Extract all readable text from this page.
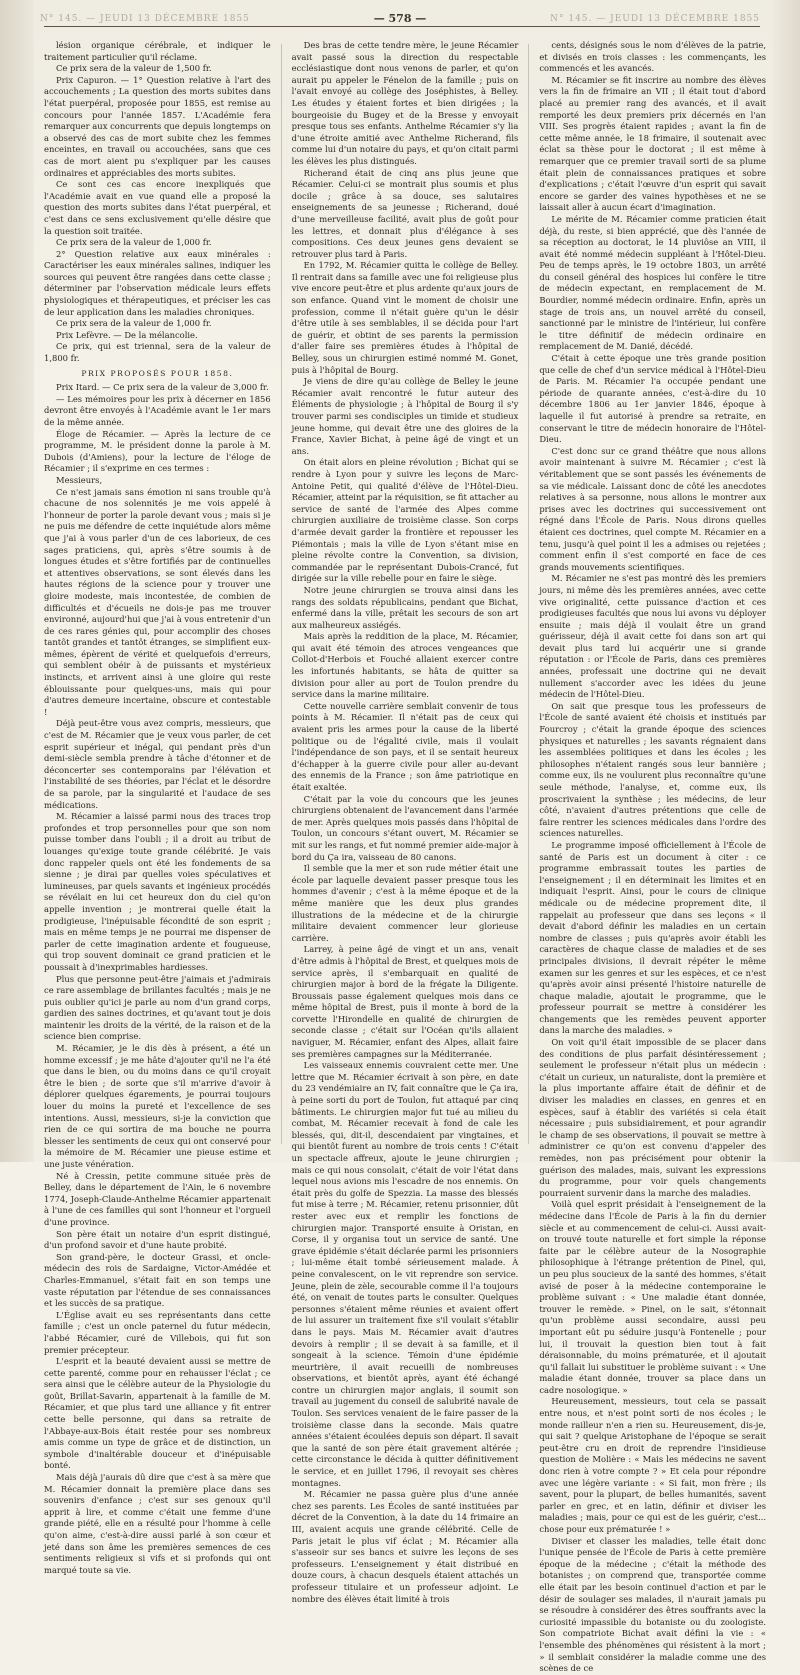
N° 145. — JEUDI 13 DÉCEMBRE 1855	— 578 —	N° 145. — JEUDI 13 DÉCEMBRE 1855

lésion organique cérébrale, et indiquer le traitement particulier qu'il réclame.

Ce prix sera de la valeur de 1,500 fr.

Prix Capuron. — 1° Question relative à l'art des accouchements ; La question des morts subites dans l'état puerpéral, proposée pour 1855, est remise au concours pour l'année 1857. L'Académie fera remarquer aux concurrents que depuis longtemps on a observé des cas de mort subite chez les femmes enceintes, en travail ou accouchées, sans que ces cas de mort aient pu s'expliquer par les causes ordinaires et appréciables des morts subites.

Ce sont ces cas encore inexpliqués que l'Académie avait en vue quand elle a proposé la question des morts subites dans l'état puerpéral, et c'est dans ce sens exclusivement qu'elle désire que la question soit traitée.

Ce prix sera de la valeur de 1,000 fr.

2° Question relative aux eaux minérales : Caractériser les eaux minérales salines, indiquer les sources qui peuvent être rangées dans cette classe ; déterminer par l'observation médicale leurs effets physiologiques et thérapeutiques, et préciser les cas de leur application dans les maladies chroniques.

Ce prix sera de la valeur de 1,000 fr.

Prix Lefèvre. — De la mélancolie.

Ce prix, qui est triennal, sera de la valeur de 1,800 fr.

PRIX PROPOSÉS POUR 1858.

Prix Itard. — Ce prix sera de la valeur de 3,000 fr.

— Les mémoires pour les prix à décerner en 1856 devront être envoyés à l'Académie avant le 1er mars de la même année.

Éloge de Récamier. — Après la lecture de ce programme, M. le président donne la parole à M. Dubois (d'Amiens), pour la lecture de l'éloge de Récamier ; il s'exprime en ces termes :

Messieurs,

Ce n'est jamais sans émotion ni sans trouble qu'à chacune de nos solennités je me vois appelé à l'honneur de porter la parole devant vous ; mais si je ne puis me défendre de cette inquiétude alors même que j'ai à vous parler d'un de ces laborieux, de ces sages praticiens, qui, après s'être soumis à de longues études et s'être fortifiés par de continuelles et attentives observations, se sont élevés dans les hautes régions de la science pour y trouver une gloire modeste, mais incontestée, de combien de difficultés et d'écueils ne dois-je pas me trouver environné, aujourd'hui que j'ai à vous entretenir d'un de ces rares génies qui, pour accomplir des choses tantôt grandes et tantôt étranges, se simplifient eux-mêmes, épèrent de vérité et quelquefois d'erreurs, qui semblent obéir à de puissants et mystérieux instincts, et arrivent ainsi à une gloire qui reste éblouissante pour quelques-uns, mais qui pour d'autres demeure incertaine, obscure et contestable !

Déjà peut-être vous avez compris, messieurs, que c'est de M. Récamier que je veux vous parler, de cet esprit supérieur et inégal, qui pendant près d'un demi-siècle sembla prendre à tâche d'étonner et de déconcerter ses contemporains par l'élévation et l'instabilité de ses théories, par l'éclat et le désordre de sa parole, par la singularité et l'audace de ses médications.

M. Récamier a laissé parmi nous des traces trop profondes et trop personnelles pour que son nom puisse tomber dans l'oubli ; il a droit au tribut de louanges qu'exige toute grande célébrité. Je vais donc rappeler quels ont été les fondements de sa sienne ; je dirai par quelles voies spéculatives et lumineuses, par quels savants et ingénieux procédés se révélait en lui cet heureux don du ciel qu'on appelle invention ; je montrerai quelle était la prodigieuse, l'inépuisable fécondité de son esprit ; mais en même temps je ne pourrai me dispenser de parler de cette imagination ardente et fougueuse, qui trop souvent dominait ce grand praticien et le poussait à d'inexprimables hardiesses.

Plus que personne peut-être j'aimais et j'admirais ce rare assemblage de brillantes facultés ; mais je ne puis oublier qu'ici je parle au nom d'un grand corps, gardien des saines doctrines, et qu'avant tout je dois maintenir les droits de la vérité, de la raison et de la science bien comprise.

M. Récamier, je le dis dès à présent, a été un homme excessif ; je me hâte d'ajouter qu'il ne l'a été que dans le bien, ou du moins dans ce qu'il croyait être le bien ; de sorte que s'il m'arrive d'avoir à déplorer quelques égarements, je pourrai toujours louer du moins la pureté et l'excellence de ses intentions. Aussi, messieurs, si-je la conviction que rien de ce qui sortira de ma bouche ne pourra blesser les sentiments de ceux qui ont conservé pour la mémoire de M. Récamier une pieuse estime et une juste vénération.

Né à Cressin, petite commune située près de Belley, dans le département de l'Ain, le 6 novembre 1774, Joseph-Claude-Anthelme Récamier appartenait à l'une de ces familles qui sont l'honneur et l'orgueil d'une province.

Son père était un notaire d'un esprit distingué, d'un profond savoir et d'une haute probité.

Son grand-père, le docteur Grassi, et oncle-médecin des rois de Sardaigne, Victor-Amédée et Charles-Emmanuel, s'était fait en son temps une vaste réputation par l'étendue de ses connaissances et les succès de sa pratique.

L'Église avait eu ses représentants dans cette famille ; c'est un oncle paternel du futur médecin, l'abbé Récamier, curé de Villebois, qui fut son premier précepteur.

L'esprit et la beauté devaient aussi se mettre de cette parenté, comme pour en rehausser l'éclat ; ce sera ainsi que le célèbre auteur de la Physiologie du goût, Brillat-Savarin, appartenait à la famille de M. Récamier, et que plus tard une alliance y fit entrer cette belle personne, qui dans sa retraite de l'Abbaye-aux-Bois était restée pour ses nombreux amis comme un type de grâce et de distinction, un symbole d'inaltérable douceur et d'inépuisable bonté.

Mais déjà j'aurais dû dire que c'est à sa mère que M. Récamier donnait la première place dans ses souvenirs d'enfance ; c'est sur ses genoux qu'il apprit à lire, et comme c'était une femme d'une grande piété, elle en a résulté pour l'homme à celle qu'on aime, c'est-à-dire aussi parlé à son cœur et jeté dans son âme les premières semences de ces sentiments religieux si vifs et si profonds qui ont marqué toute sa vie.

Des bras de cette tendre mère, le jeune Récamier avait passé sous la direction du respectable ecclésiastique dont nous venons de parler, et qu'on aurait pu appeler le Fénelon de la famille ; puis on l'avait envoyé au collège des Joséphistes, à Belley. Les études y étaient fortes et bien dirigées ; la bourgeoisie du Bugey et de la Bresse y envoyait presque tous ses enfants. Anthelme Récamier s'y lia d'une étroite amitié avec Anthelme Richerand, fils comme lui d'un notaire du pays, et qu'on citait parmi les élèves les plus distingués.

Richerand était de cinq ans plus jeune que Récamier. Celui-ci se montrait plus soumis et plus docile ; grâce à sa douce, ses salutaires enseignements de sa jeunesse ; Richerand, doué d'une merveilleuse facilité, avait plus de goût pour les lettres, et donnait plus d'élégance à ses compositions. Ces deux jeunes gens devaient se retrouver plus tard à Paris.

En 1792, M. Récamier quitta le collège de Belley. Il rentrait dans sa famille avec une foi religieuse plus vive encore peut-être et plus ardente qu'aux jours de son enfance. Quand vint le moment de choisir une profession, comme il n'était guère qu'un le désir d'être utile à ses semblables, il se décida pour l'art de guérir, et obtint de ses parents la permission d'aller faire ses premières études à l'hôpital de Belley, sous un chirurgien estimé nommé M. Gonet, puis à l'hôpital de Bourg.

Je viens de dire qu'au collège de Belley le jeune Récamier avait rencontré le futur auteur des Éléments de physiologie ; à l'hôpital de Bourg il s'y trouver parmi ses condisciples un timide et studieux jeune homme, qui devait être une des gloires de la France, Xavier Bichat, à peine âgé de vingt et un ans.

On était alors en pleine révolution ; Bichat qui se rendre à Lyon pour y suivre les leçons de Marc-Antoine Petit, qui qualité d'élève de l'Hôtel-Dieu. Récamier, atteint par la réquisition, se fit attacher au service de santé de l'armée des Alpes comme chirurgien auxiliaire de troisième classe. Son corps d'armée devait garder la frontière et repousser les Piémontais ; mais la ville de Lyon s'étant mise en pleine révolte contre la Convention, sa division, commandée par le représentant Dubois-Crancé, fut dirigée sur la ville rebelle pour en faire le siège.

Notre jeune chirurgien se trouva ainsi dans les rangs des soldats républicains, pendant que Bichat, enfermé dans la ville, prêtait les secours de son art aux malheureux assiégés.

Mais après la reddition de la place, M. Récamier, qui avait été témoin des atroces vengeances que Collot-d'Herbois et Fouché allaient exercer contre les infortunés habitants, se hâta de quitter sa division pour aller au port de Toulon prendre du service dans la marine militaire.

Cette nouvelle carrière semblait convenir de tous points à M. Récamier. Il n'était pas de ceux qui avaient pris les armes pour la cause de la liberté politique ou de l'égalité civile, mais il voulait l'indépendance de son pays, et il se sentait heureux d'échapper à la guerre civile pour aller au-devant des ennemis de la France ; son âme patriotique en était exaltée.

C'était par la voie du concours que les jeunes chirurgiens obtenaient de l'avancement dans l'armée de mer. Après quelques mois passés dans l'hôpital de Toulon, un concours s'étant ouvert, M. Récamier se mit sur les rangs, et fut nommé premier aide-major à bord du Ça ira, vaisseau de 80 canons.

Il semble que la mer et son rude métier était une école par laquelle devaient passer presque tous les hommes d'avenir ; c'est à la même époque et de la même manière que les deux plus grandes illustrations de la médecine et de la chirurgie militaire devaient commencer leur glorieuse carrière.

Larrey, à peine âgé de vingt et un ans, venait d'être admis à l'hôpital de Brest, et quelques mois de service après, il s'embarquait en qualité de chirurgien major à bord de la frégate la Diligente. Broussais passe également quelques mois dans ce même hôpital de Brest, puis il monte à bord de la corvette l'Hirondelle en qualité de chirurgien de seconde classe ; c'était sur l'Océan qu'ils allaient naviguer, M. Récamier, enfant des Alpes, allait faire ses premières campagnes sur la Méditerranée.

Les vaisseaux ennemis couvraient cette mer. Une lettre que M. Récamier écrivait à son père, en date du 23 vendémiaire an IV, fait connaître que le Ça ira, à peine sorti du port de Toulon, fut attaqué par cinq bâtiments. Le chirurgien major fut tué au milieu du combat, M. Récamier recevait à fond de cale les blessés, qui, dit-il, descendaient par vingtaines, et qui bientôt furent au nombre de trois cents ! C'était un spectacle affreux, ajoute le jeune chirurgien ; mais ce qui nous consolait, c'était de voir l'état dans lequel nous avions mis l'escadre de nos ennemis. On était près du golfe de Spezzia. La masse des blessés fut mise à terre ; M. Récamier, retenu prisonnier, dût rester avec eux et remplir les fonctions de chirurgien major. Transporté ensuite à Oristan, en Corse, il y organisa tout un service de santé. Une grave épidémie s'était déclarée parmi les prisonniers ; lui-même était tombé sérieusement malade. À peine convalescent, on le vit reprendre son service. Jeune, plein de zèle, secourable comme il l'a toujours été, on venait de toutes parts le consulter. Quelques personnes s'étaient même réunies et avaient offert de lui assurer un traitement fixe s'il voulait s'établir dans le pays. Mais M. Récamier avait d'autres devoirs à remplir ; il se devait à sa famille, et il songeait à la science. Témoin d'une épidémie meurtrière, il avait recueilli de nombreuses observations, et bientôt après, ayant été échangé contre un chirurgien major anglais, il soumit son travail au jugement du conseil de salubrité navale de Toulon. Ses services venaient de le faire passer de la troisième classe dans la seconde. Mais quatre années s'étaient écoulées depuis son départ. Il savait que la santé de son père était gravement altérée ; cette circonstance le décida à quitter définitivement le service, et en juillet 1796, il revoyait ses chères montagnes.

M. Récamier ne passa guère plus d'une année chez ses parents. Les Écoles de santé instituées par décret de la Convention, à la date du 14 frimaire an III, avaient acquis une grande célébrité. Celle de Paris jetait le plus vif éclat ; M. Récamier alla s'asseoir sur ses bancs et suivre les leçons de ses professeurs. L'enseignement y était distribué en douze cours, à chacun desquels étaient attachés un professeur titulaire et un professeur adjoint. Le nombre des élèves était limité à trois

cents, désignés sous le nom d'élèves de la patrie, et divisés en trois classes : les commençants, les commencés et les avancés.

M. Récamier se fit inscrire au nombre des élèves vers la fin de frimaire an VII ; il était tout d'abord placé au premier rang des avancés, et il avait remporté les deux premiers prix décernés en l'an VIII. Ses progrès étaient rapides ; avant la fin de cette même année, le 18 frimaire, il soutenait avec éclat sa thèse pour le doctorat ; il est même à remarquer que ce premier travail sorti de sa plume était plein de connaissances pratiques et sobre d'explications ; c'était l'œuvre d'un esprit qui savait encore se garder des vaines hypothèses et ne se laissait aller à aucun écart d'imagination.

Le mérite de M. Récamier comme praticien était déjà, du reste, si bien apprécié, que dès l'année de sa réception au doctorat, le 14 pluviôse an VIII, il avait été nommé médecin suppléant à l'Hôtel-Dieu. Peu de temps après, le 19 octobre 1803, un arrêté du conseil général des hospices lui confère le titre de médecin expectant, en remplacement de M. Bourdier, nommé médecin ordinaire. Enfin, après un stage de trois ans, un nouvel arrêté du conseil, sanctionné par le ministre de l'intérieur, lui confère le titre définitif de médecin ordinaire en remplacement de M. Danié, décédé.

C'était à cette époque une très grande position que celle de chef d'un service médical à l'Hôtel-Dieu de Paris. M. Récamier l'a occupée pendant une période de quarante années, c'est-à-dire du 10 décembre 1806 au 1er janvier 1846, époque à laquelle il fut autorisé à prendre sa retraite, en conservant le titre de médecin honoraire de l'Hôtel-Dieu.

C'est donc sur ce grand théâtre que nous allons avoir maintenant à suivre M. Récamier ; c'est là véritablement que se sont passés les événements de sa vie médicale. Laissant donc de côté les anecdotes relatives à sa personne, nous allons le montrer aux prises avec les doctrines qui successivement ont régné dans l'École de Paris. Nous dirons quelles étaient ces doctrines, quel compte M. Récamier en a tenu, jusqu'à quel point il les a admises ou rejetées ; comment enfin il s'est comporté en face de ces grands mouvements scientifiques.

M. Récamier ne s'est pas montré dès les premiers jours, ni même dès les premières années, avec cette vive originalité, cette puissance d'action et ces prodigieuses facultés que nous lui avons vu déployer ensuite ; mais déjà il voulait être un grand guérisseur, déjà il avait cette foi dans son art qui devait plus tard lui acquérir une si grande réputation : or l'École de Paris, dans ces premières années, professait une doctrine qui ne devait nullement s'accorder avec les idées du jeune médecin de l'Hôtel-Dieu.

On sait que presque tous les professeurs de l'École de santé avaient été choisis et institués par Fourcroy ; c'était la grande époque des sciences physiques et naturelles ; les savants régnaient dans les assemblées politiques et dans les écoles ; les philosophes n'étaient rangés sous leur bannière ; comme eux, ils ne voulurent plus reconnaître qu'une seule méthode, l'analyse, et, comme eux, ils proscrivaient la synthèse ; les médecins, de leur côté, n'avaient d'autres prétentions que celle de faire rentrer les sciences médicales dans l'ordre des sciences naturelles.

Le programme imposé officiellement à l'École de santé de Paris est un document à citer : ce programme embrassait toutes les parties de l'enseignement ; il en déterminait les limites et en indiquait l'esprit. Ainsi, pour le cours de clinique médicale ou de médecine proprement dite, il rappelait au professeur que dans ses leçons « il devait d'abord définir les maladies en un certain nombre de classes ; puis qu'après avoir établi les caractères de chaque classe de maladies et de ses principales divisions, il devrait répéter le même examen sur les genres et sur les espèces, et ce n'est qu'après avoir ainsi présenté l'histoire naturelle de chaque maladie, ajoutait le programme, que le professeur pourrait se mettre à considérer les changements que les remèdes peuvent apporter dans la marche des maladies. »

On voit qu'il était impossible de se placer dans des conditions de plus parfait désintéressement ; seulement le professeur n'était plus un médecin : c'était un curieux, un naturaliste, dont la première et la plus importante affaire était de définir et de diviser les maladies en classes, en genres et en espèces, sauf à établir des variétés si cela était nécessaire ; puis subsidiairement, et pour agrandir le champ de ses observations, il pouvait se mettre à administrer ce qu'on est convenu d'appeler des remèdes, non pas précisément pour obtenir la guérison des malades, mais, suivant les expressions du programme, pour voir quels changements pourraient survenir dans la marche des maladies.

Voilà quel esprit présidait à l'enseignement de la médecine dans l'École de Paris à la fin du dernier siècle et au commencement de celui-ci. Aussi avait-on trouvé toute naturelle et fort simple la réponse faite par le célèbre auteur de la Nosographie philosophique à l'étrange prétention de Pinel, qui, un peu plus soucieux de la santé des hommes, s'était avisé de poser à la médecine contemporaine le problème suivant : « Une maladie étant donnée, trouver le remède. » Pinel, on le sait, s'étonnait qu'un problème aussi secondaire, aussi peu important eût pu séduire jusqu'à Fontenelle ; pour lui, il trouvait la question bien tout à fait déraisonnable, du moins prématurée, et il ajoutait qu'il fallait lui substituer le problème suivant : « Une maladie étant donnée, trouver sa place dans un cadre nosologique. »

Heureusement, messieurs, tout cela se passait entre nous, et n'est point sorti de nos écoles ; le monde railleur n'en a rien su. Heureusement, dis-je, qui sait ? quelque Aristophane de l'époque se serait peut-être cru en droit de reprendre l'insidieuse question de Molière : « Mais les médecins ne savent donc rien à votre compte ? » Et cela pour répondre avec une légère variante : « Si fait, mon frère ; ils savent, pour la plupart, de belles humanités, savent parler en grec, et en latin, définir et diviser les maladies ; mais, pour ce qui est de les guérir, c'est... chose pour eux prématurée ! »

Diviser et classer les maladies, telle était donc l'unique pensée de l'École de Paris à cette première époque de la médecine ; c'était la méthode des botanistes ; on comprend que, transportée comme elle était par les besoin continuel d'action et par le désir de soulager ses malades, il n'aurait jamais pu se résoudre à considérer des êtres souffrants avec la curiosité impassible du botaniste ou du zoologiste. Son compatriote Bichat avait défini la vie : « l'ensemble des phénomènes qui résistent à la mort ; » il semblait considérer la maladie comme une des scènes de ce
